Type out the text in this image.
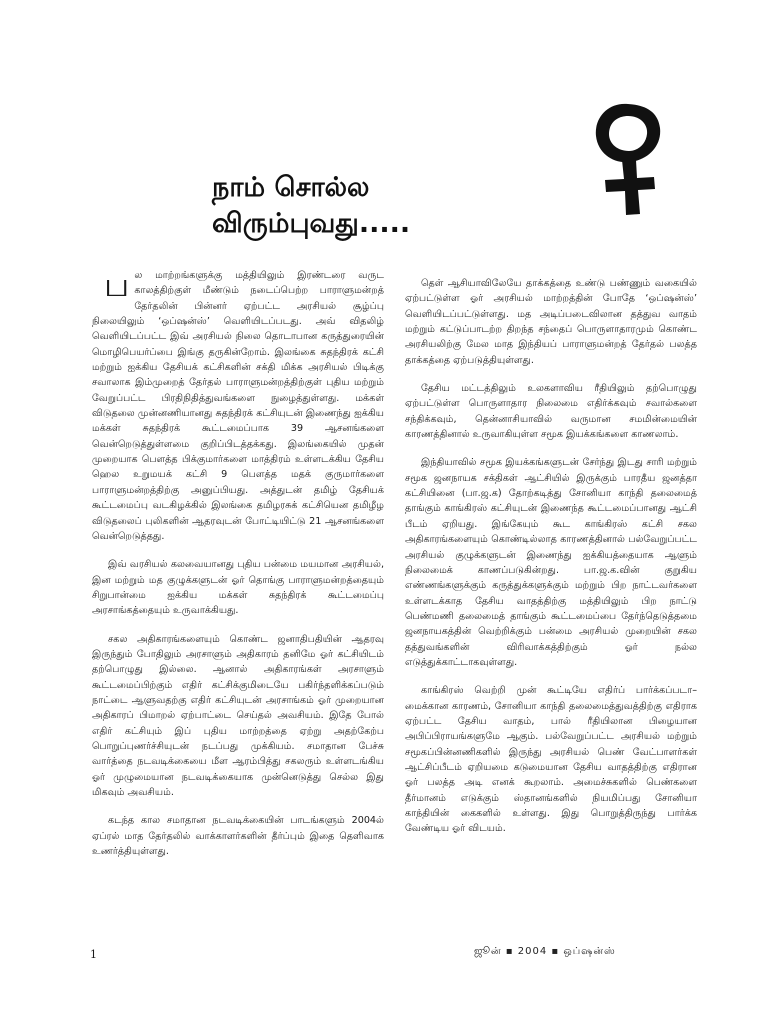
நாம் சொல்ல
விரும்புவது.....

பல மாற்றங்களுக்கு மத்தியிலும் இரண்டரை வருட காலத்திற்குள் மீண்டும் நடைப்பெற்ற பாராளுமன்றத் தேர்தலின் பின்னர் ஏற்பட்ட அரசியல் சூழ்ப்பு நிலையிலும் ‘ஒப்ஷன்ஸ்’ வெளியிடப்படது. அவ் விதலிழ் வெளியிடப்பட்ட இவ் அரசியல் நிலை தொடாபான கருத்துரையின் மொழிபெயர்ப்பை இங்கு தருகின்றோம். இலங்கை சுதந்திரக் கட்சி மற்றும் ஐக்கிய தேசியக் கட்சிகளின் சக்தி மிக்க அரசியல் பிடிக்கு சவாலாக இம்முறைத் தேர்தல் பாராளுமன்றத்திற்குள் புதிய மற்றும் வேறுப்பட்ட பிரதிநிதித்துவங்களை நுழைத்துள்ளது. மக்கள் விடுதலை முன்னணியானது சுதந்திரக் கட்சியுடன் இணைந்து ஐக்கிய மக்கள் சுதந்திரக் கூட்டமைப்பாக 39 ஆசனங்களை வென்றெடுத்துள்ளமை குறிப்பிடத்தக்கது. இலங்கையில் முதன் முறையாக பௌத்த பிக்குமார்களை மாத்திரம் உள்ளடக்கிய தேசிய ஹெல உறுமயக் கட்சி 9 பௌத்த மதக் குருமார்களை பாராளுமன்றத்திற்கு அனுப்பியது. அத்துடன் தமிழ் தேசியக் கூட்டமைப்பு வடகிழக்கில் இலங்கை தமிழரசுக் கட்சியென தமிழீழ விடுதலைப் புலிகளின் ஆதரவுடன் போட்டியிட்டு 21 ஆசனங்களை வென்றெடுத்தது.

இவ் வரசியல் கலவையானது புதிய பன்மை மயமான அரசியல், இன மற்றும் மத குழுக்களுடன் ஓர் தொங்கு பாராளுமன்றத்தையும் சிறுபான்மை ஐக்கிய மக்கள் சுதந்திரக் கூட்டமைப்பு அரசாங்கத்தையும் உருவாக்கியது.

சகல அதிகாரங்களையும் கொண்ட ஜனாதிபதியின் ஆதரவு இருந்தும் போதிலும் அரசாளும் அதிகாரம் தனிமே ஓர் கட்சியிடம் தற்பொழுது இல்லை. ஆனால் அதிகாரங்கள் அரசாளும் கூட்டமைப்பிற்கும் எதிர் கட்சிக்குமிடையே பகிர்ந்தளிக்கப்படும் நாட்டை ஆளுவதற்கு எதிர் கட்சியுடன் அரசாங்கம் ஓர் முறையான அதிகாரப் பிமாறல் ஏற்பாட்டை செய்தல் அவசியம். இதே போல் எதிர் கட்சியும் இப் புதிய மாற்றத்தை ஏற்று அதற்கேற்ப பொறுப்புணர்ச்சியுடன் நடப்பது முக்கியம். சமாதான பேச்சு வார்த்தை நடவடிக்கையை மீள ஆரம்பித்து சகலரும் உள்ளடங்கிய ஓர் முழுமையான நடவடிக்கையாக முன்னெடுத்து செல்ல இது மிகவும் அவசியம்.

கடந்த கால சமாதான நடவடிக்கையின் பாடங்களும் 2004ல் ஏப்ரல் மாத தேர்தலில் வாக்காளர்களின் தீர்ப்பும் இதை தெளிவாக உணர்த்தியுள்ளது.

தெள் ஆசியாவிலேயே தாக்கத்தை உண்டு பண்ணும் வகையில் ஏற்பட்டுள்ள ஓர் அரசியல் மாற்றத்தின் போதே ‘ஒப்ஷன்ஸ்’ வெளியிடப்பட்டுள்ளது. மத அடிப்படைவிலான தத்துவ வாதம் மற்றும் கட்டுப்பாடற்ற திறந்த சந்தைப் பொருளாதாரமும் கொண்ட அரசியலிற்கு மேல மாத இந்தியப் பாராளுமன்றத் தேர்தல் பலத்த தாக்கத்தை ஏற்படுத்தியுள்ளது.

தேசிய மட்டத்திலும் உலகளாவிய ரீதியிலும் தற்பொழுது ஏற்பட்டுள்ள பொருளாதார நிலைமை எதிர்க்கவும் சவால்களை சந்திக்கவும், தென்னாசியாவில் வருமான சமமின்மையின் காரணத்தினால் உருவாகியுள்ள சமூக இயக்கங்களை காணலாம்.

இந்தியாவில் சமூக இயக்கங்களுடன் சேர்ந்து இடது சாரி மற்றும் சமூக ஜனநாயக சக்திகள் ஆட்சியில் இருக்கும் பாரதீய ஜனத்தா கட்சியினை (பா.ஜ.க) தோற்கடித்து சோனியா காந்தி தலைமைத் தாங்கும் காங்கிரஸ் கட்சியுடன் இணைந்த கூட்டமைப்பானது ஆட்சி பீடம் ஏறியது. இங்கேயும் கூட காங்கிரஸ் கட்சி சகல அதிகாரங்களையும் கொண்டில்லாத காரணத்தினால் பல்வேறுப்பட்ட அரசியல் குழுக்களுடன் இணைந்து ஐக்கியத்தையாக ஆளும் நிலைமைக் காணப்படுகின்றது. பா.ஜ.க.வின் குறுகிய எண்ணங்களுக்கும் கருத்துக்களுக்கும் மற்றும் பிற நாட்டவர்களை உள்ளடக்காத தேசிய வாதத்திற்கு மத்தியிலும் பிற நாட்டு பெண்மணி தலைமைத் தாங்கும் கூட்டமைப்பை தேர்ந்தெடுத்தமை ஜனநாயகத்தின் வெற்றிக்கும் பன்மை அரசியல் முறையின் சகல தத்துவங்களின் விரிவாக்கத்திற்கும் ஓர் நல்ல எடுத்துக்காட்டாகவுள்ளது.

காங்கிரஸ் வெற்றி முன் கூட்டியே எதிர்ப் பார்க்கப்படா– மைக்கான காரணம், சோனியா காந்தி தலைமைத்துவத்திற்கு எதிராக ஏற்பட்ட தேசிய வாதம், பால் ரீதியிலான பிழையான அபிப்பிராயங்களுமே ஆகும். பல்வேறுப்பட்ட அரசியல் மற்றும் சமூகப்பின்னணிகளில் இருந்து அரசியல் பெண் வேட்பாளர்கள் ஆட்சிப்பீடம் ஏறியமை கடுமையான தேசிய வாதத்திற்கு எதிரான ஓர் பலத்த அடி எனக் கூறலாம். அமைச்சுகளில் பெண்களை தீர்மானம் எடுக்கும் ஸ்தானங்களில் நியமிப்பது சோனியா காந்தியின் கைகளில் உள்ளது. இது பொறுத்திருந்து பார்க்க வேண்டிய ஓர் விடயம்.

1	ஜூன் ▪ 2004 ▪ ஒப்ஷன்ஸ்
